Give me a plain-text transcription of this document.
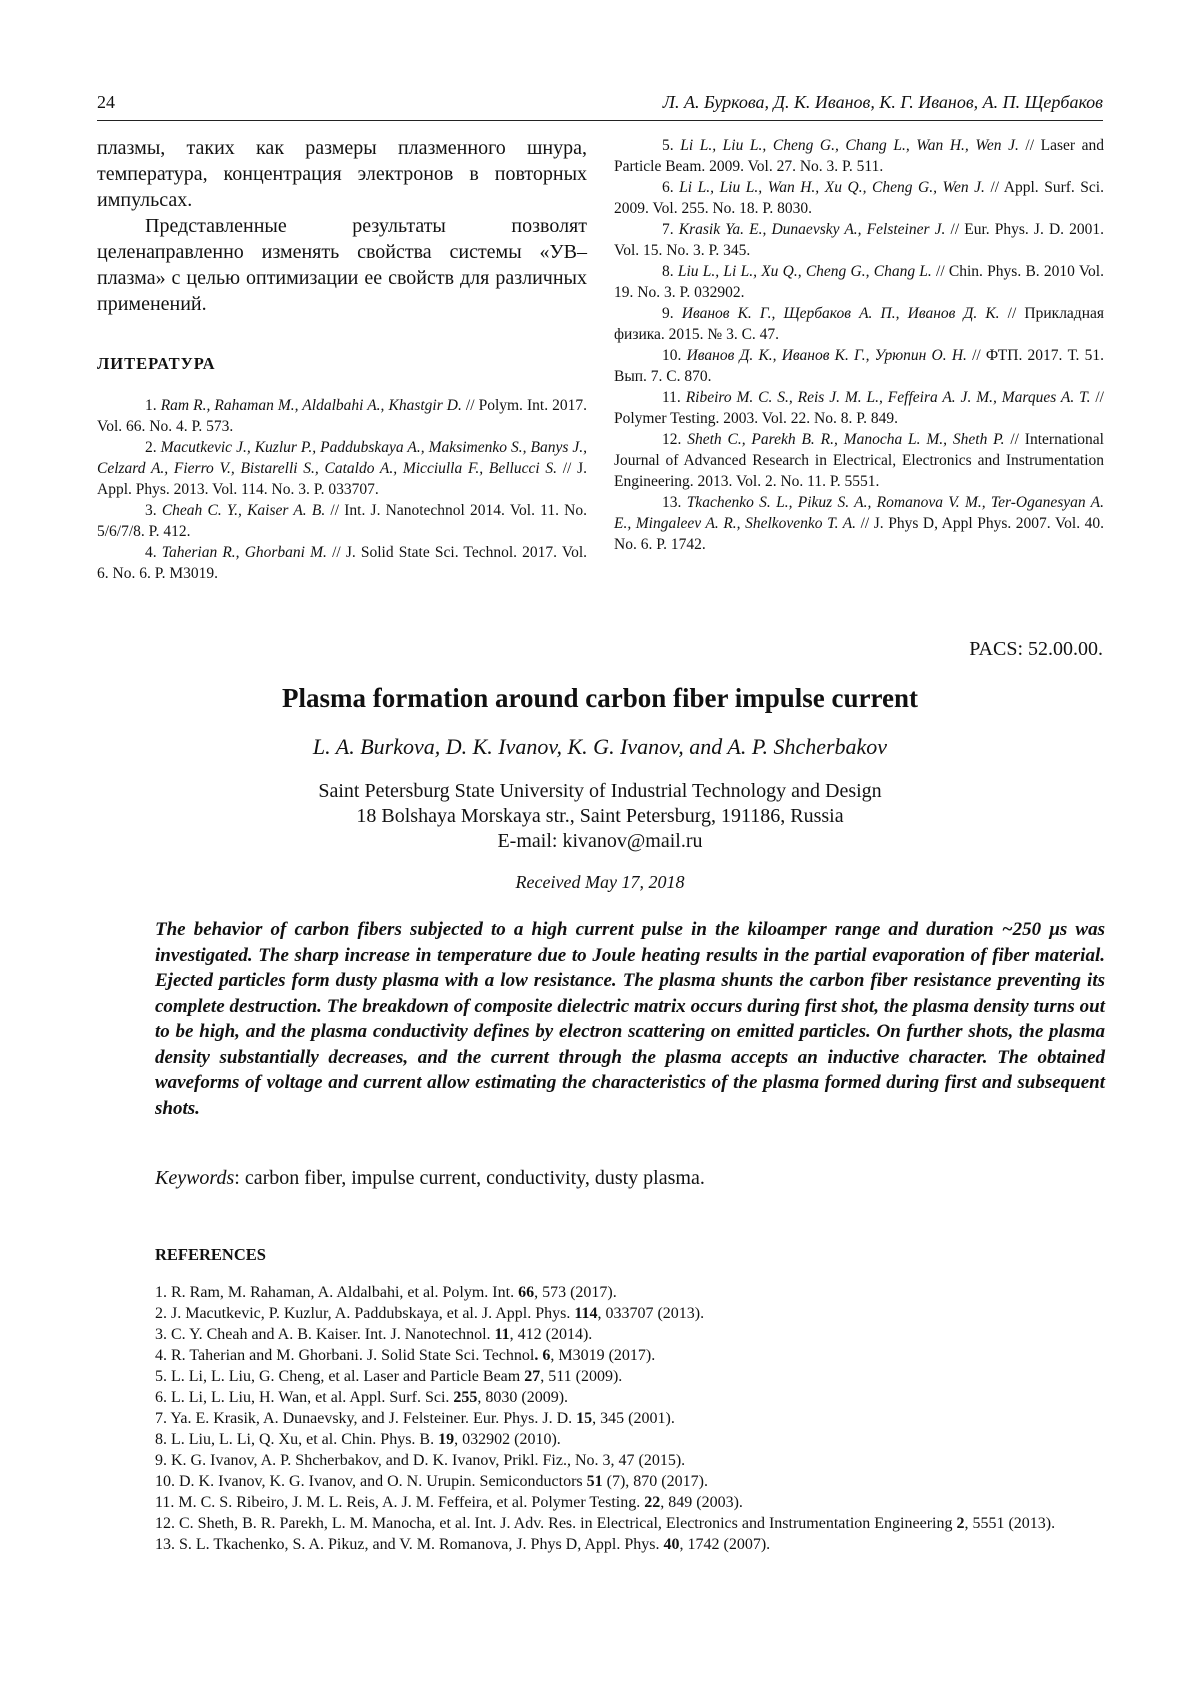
24	Л. А. Буркова, Д. К. Иванов, К. Г. Иванов, А. П. Щербаков

плазмы, таких как размеры плазменного шнура, температура, концентрация электронов в повторных импульсах.

Представленные результаты позволят целенаправленно изменять свойства системы «УВ–плазма» с целью оптимизации ее свойств для различных применений.

ЛИТЕРАТУРА

1. Ram R., Rahaman M., Aldalbahi A., Khastgir D. // Polym. Int. 2017. Vol. 66. No. 4. P. 573.

2. Macutkevic J., Kuzlur P., Paddubskaya A., Maksimenko S., Banys J., Celzard A., Fierro V., Bistarelli S., Cataldo A., Micciulla F., Bellucci S. // J. Appl. Phys. 2013. Vol. 114. No. 3. P. 033707.

3. Cheah C. Y., Kaiser A. B. // Int. J. Nanotechnol 2014. Vol. 11. No. 5/6/7/8. P. 412.

4. Taherian R., Ghorbani M. // J. Solid State Sci. Technol. 2017. Vol. 6. No. 6. P. M3019.

5. Li L., Liu L., Cheng G., Chang L., Wan H., Wen J. // Laser and Particle Beam. 2009. Vol. 27. No. 3. P. 511.

6. Li L., Liu L., Wan H., Xu Q., Cheng G., Wen J. // Appl. Surf. Sci. 2009. Vol. 255. No. 18. P. 8030.

7. Krasik Ya. E., Dunaevsky A., Felsteiner J. // Eur. Phys. J. D. 2001. Vol. 15. No. 3. P. 345.

8. Liu L., Li L., Xu Q., Cheng G., Chang L. // Chin. Phys. B. 2010 Vol. 19. No. 3. P. 032902.

9. Иванов К. Г., Щербаков А. П., Иванов Д. К. // Прикладная физика. 2015. № 3. С. 47.

10. Иванов Д. К., Иванов К. Г., Урюпин О. Н. // ФТП. 2017. Т. 51. Вып. 7. С. 870.

11. Ribeiro M. C. S., Reis J. M. L., Feffeira A. J. M., Marques A. T. // Polymer Testing. 2003. Vol. 22. No. 8. P. 849.

12. Sheth C., Parekh B. R., Manocha L. M., Sheth P. // International Journal of Advanced Research in Electrical, Electronics and Instrumentation Engineering. 2013. Vol. 2. No. 11. P. 5551.

13. Tkachenko S. L., Pikuz S. A., Romanova V. M., Ter-Oganesyan A. E., Mingaleev A. R., Shelkovenko T. A. // J. Phys D, Appl Phys. 2007. Vol. 40. No. 6. P. 1742.

PACS: 52.00.00.
Plasma formation around carbon fiber impulse current
L. A. Burkova, D. K. Ivanov, K. G. Ivanov, and A. P. Shcherbakov
Saint Petersburg State University of Industrial Technology and Design
18 Bolshaya Morskaya str., Saint Petersburg, 191186, Russia
E-mail: kivanov@mail.ru
Received May 17, 2018

The behavior of carbon fibers subjected to a high current pulse in the kiloamper range and duration ~250 μs was investigated. The sharp increase in temperature due to Joule heating results in the partial evaporation of fiber material. Ejected particles form dusty plasma with a low resistance. The plasma shunts the carbon fiber resistance preventing its complete destruction. The breakdown of composite dielectric matrix occurs during first shot, the plasma density turns out to be high, and the plasma conductivity defines by electron scattering on emitted particles. On further shots, the plasma density substantially decreases, and the current through the plasma accepts an inductive character. The obtained waveforms of voltage and current allow estimating the characteristics of the plasma formed during first and subsequent shots.

Keywords: carbon fiber, impulse current, conductivity, dusty plasma.
REFERENCES
1. R. Ram, M. Rahaman, A. Aldalbahi, et al. Polym. Int. 66, 573 (2017).
2. J. Macutkevic, P. Kuzlur, A. Paddubskaya, et al. J. Appl. Phys. 114, 033707 (2013).
3. C. Y. Cheah and A. B. Kaiser. Int. J. Nanotechnol. 11, 412 (2014).
4. R. Taherian and M. Ghorbani. J. Solid State Sci. Technol. 6, M3019 (2017).
5. L. Li, L. Liu, G. Cheng, et al. Laser and Particle Beam 27, 511 (2009).
6. L. Li, L. Liu, H. Wan, et al. Appl. Surf. Sci. 255, 8030 (2009).
7. Ya. E. Krasik, A. Dunaevsky, and J. Felsteiner. Eur. Phys. J. D. 15, 345 (2001).
8. L. Liu, L. Li, Q. Xu, et al. Chin. Phys. B. 19, 032902 (2010).
9. K. G. Ivanov, A. P. Shcherbakov, and D. K. Ivanov, Prikl. Fiz., No. 3, 47 (2015).
10. D. K. Ivanov, K. G. Ivanov, and O. N. Urupin. Semiconductors 51 (7), 870 (2017).
11. M. C. S. Ribeiro, J. M. L. Reis, A. J. M. Feffeira, et al. Polymer Testing. 22, 849 (2003).
12. C. Sheth, B. R. Parekh, L. M. Manocha, et al. Int. J. Adv. Res. in Electrical, Electronics and Instrumentation Engineering 2, 5551 (2013).
13. S. L. Tkachenko, S. A. Pikuz, and V. M. Romanova, J. Phys D, Appl. Phys. 40, 1742 (2007).
